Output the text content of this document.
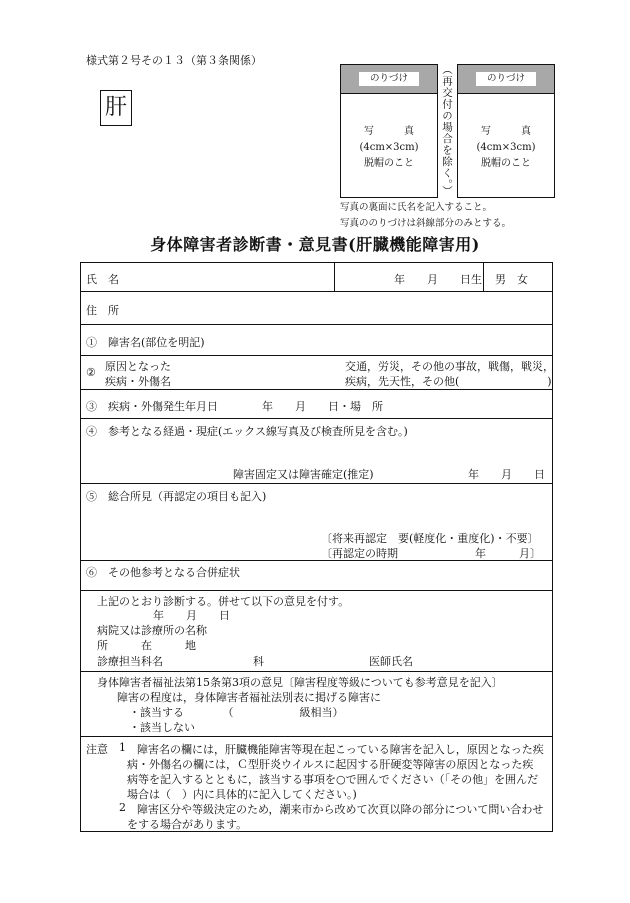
様式第２号その１３（第３条関係）
肝
のりづけ
写　　　真
(4cm×3cm)
脱帽のこと	（再交付の場合を除く。）	のりづけ
写　　　真
(4cm×3cm)
脱帽のこと
写真の裏面に氏名を記入すること。
写真ののりづけは斜線部分のみとする。
身体障害者診断書・意見書(肝臓機能障害用)
氏　名	年　　月　　日生 男　女
住　所
①　障害名(部位を明記)
② 原因となった
疾病・外傷名
交通，労災，その他の事故，戦傷，戦災，
疾病，先天性，その他(　　　　　　　　)
③　疾病・外傷発生年月日　　　　年　　月　　日・場　所
④　参考となる経過・現症(エックス線写真及び検査所見を含む。)
障害固定又は障害確定(推定)	年　　月　　日
⑤　総合所見（再認定の項目も記入)
〔将来再認定　要(軽度化・重度化)・不要〕
〔再認定の時期　　　　　　　年　　　月〕
⑥　その他参考となる合併症状
上記のとおり診断する。併せて以下の意見を付す。
年　　月　　日
病院又は診療所の名称
所　　　在　　　地
診療担当科名	科	医師氏名
身体障害者福祉法第15条第3項の意見〔障害程度等級についても参考意見を記入〕
障害の程度は，身体障害者福祉法別表に掲げる障害に
・該当する　　　　（　　　　　　級相当）
・該当しない
注意 1 障害名の欄には，肝臓機能障害等現在起こっている障害を記入し，原因となった疾
病・外傷名の欄には，Ｃ型肝炎ウイルスに起因する肝硬変等障害の原因となった疾
病等を記入するとともに，該当する事項を○で囲んでください（「その他」を囲んだ
場合は（　）内に具体的に記入してください。)
2 障害区分や等級決定のため，潮来市から改めて次頁以降の部分について問い合わせ
をする場合があります。
